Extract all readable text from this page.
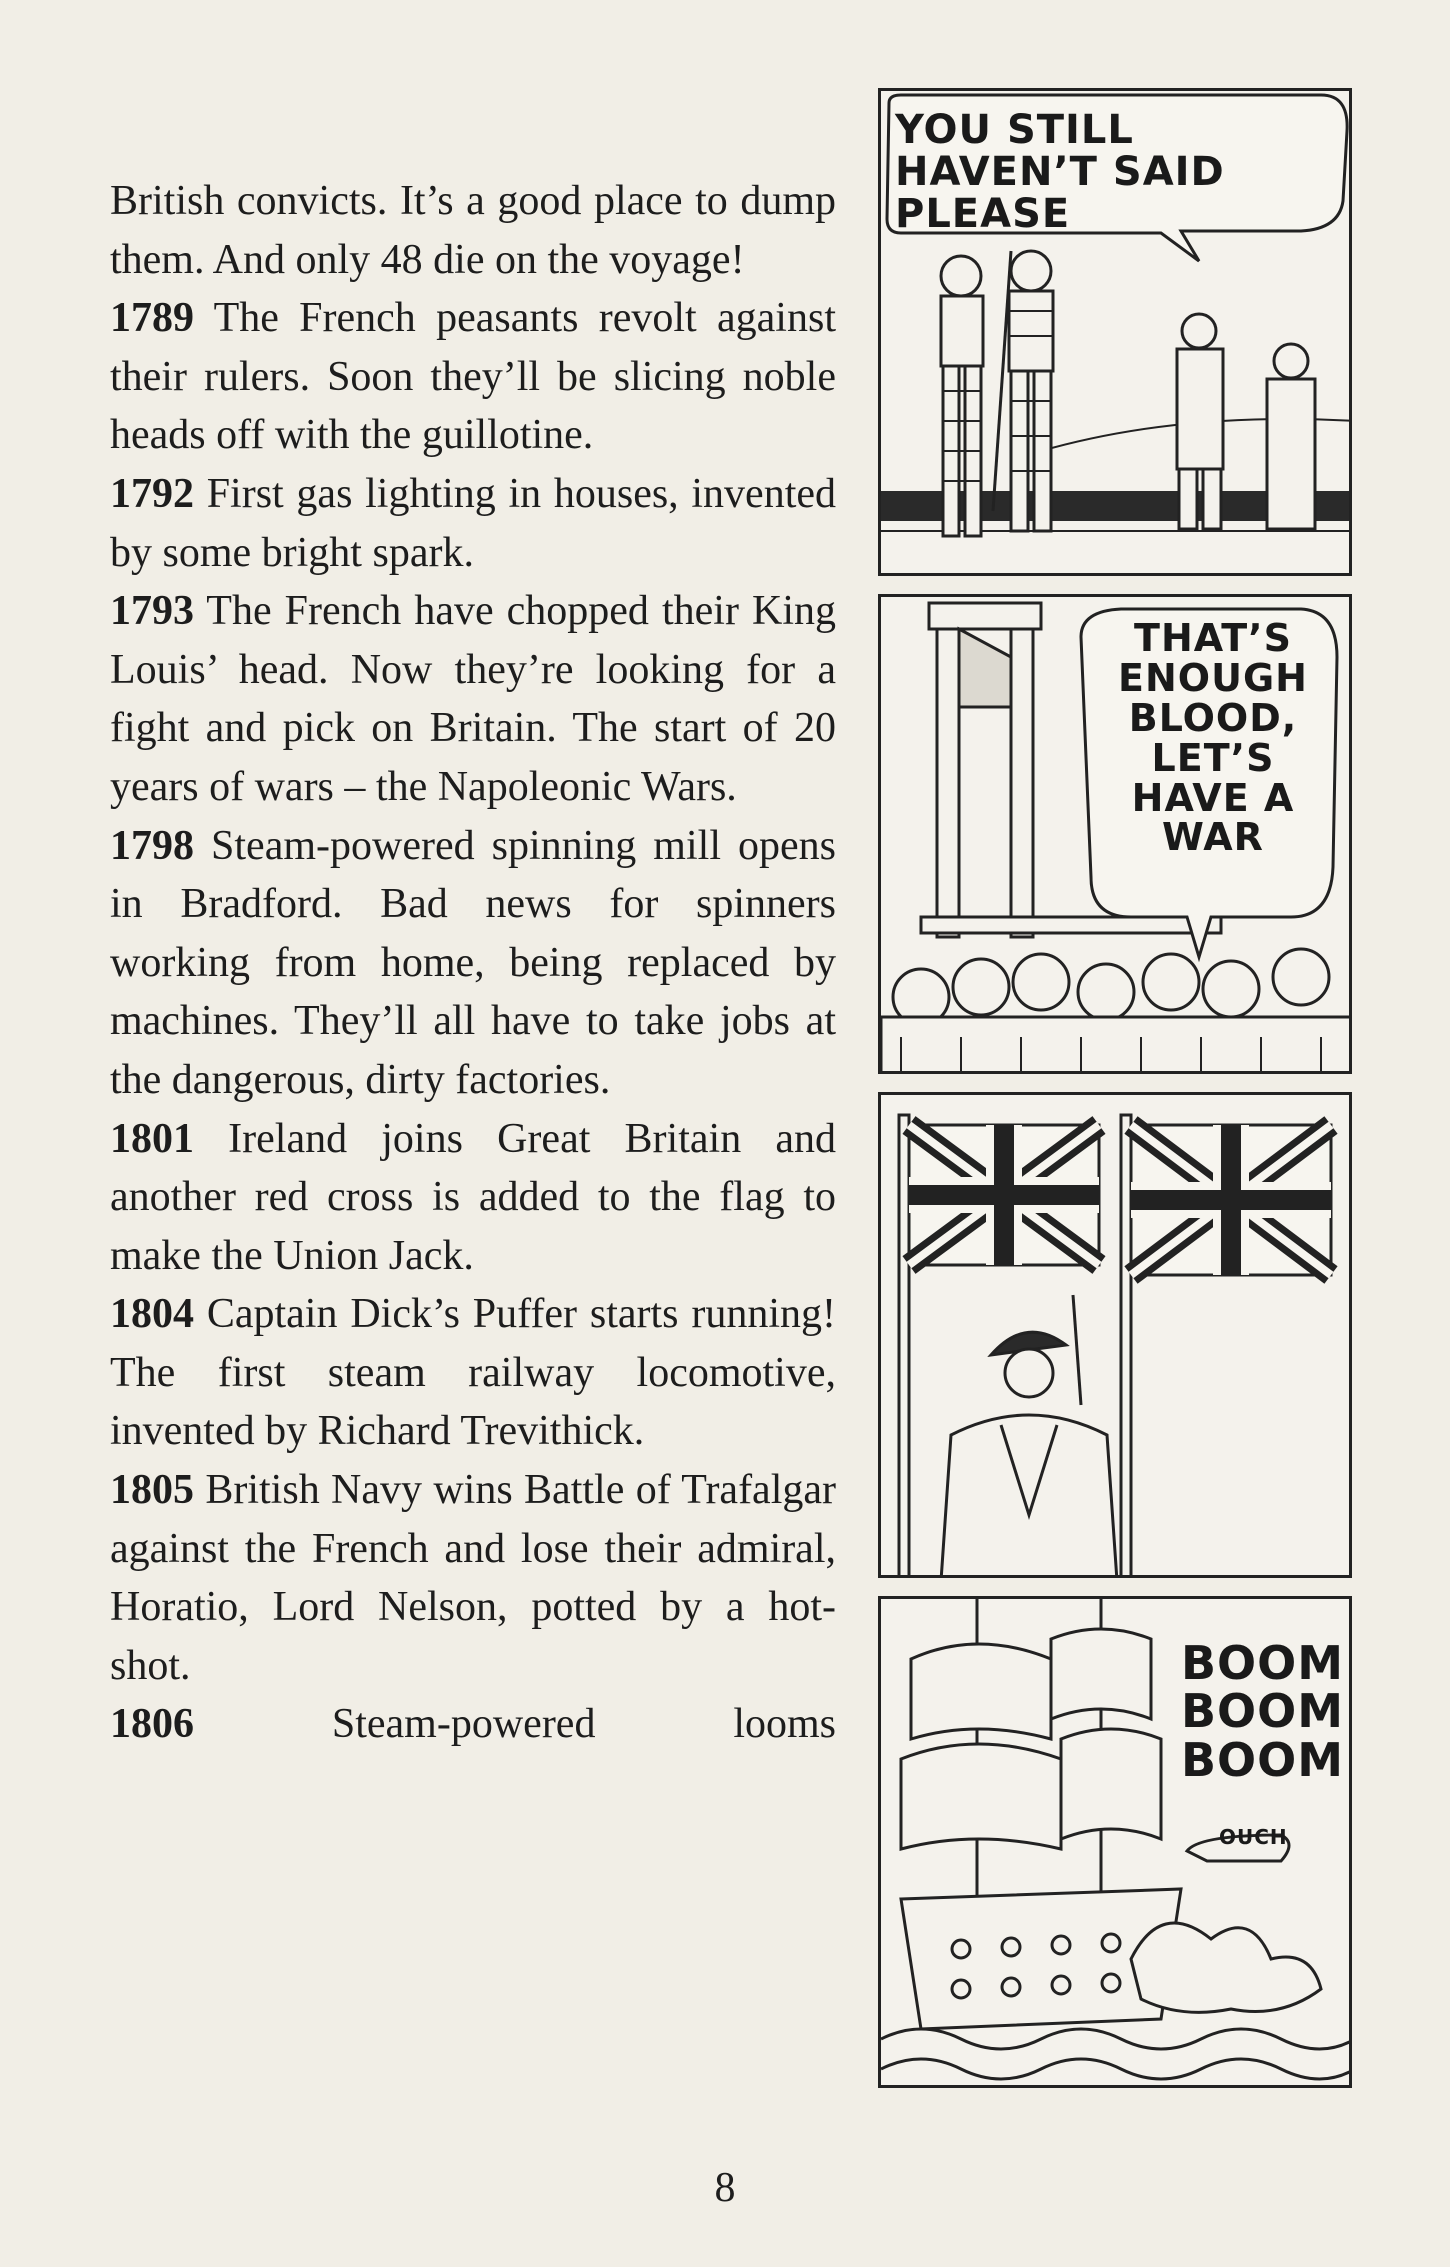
British convicts. It’s a good place to dump them. And only 48 die on the voyage!

1789 The French peasants revolt against their rulers. Soon they’ll be slicing noble heads off with the guillotine.

1792 First gas lighting in houses, invented by some bright spark.

1793 The French have chopped their King Louis’ head. Now they’re looking for a fight and pick on Britain. The start of 20 years of wars – the Napoleonic Wars.

1798 Steam-powered spinning mill opens in Bradford. Bad news for spinners working from home, being replaced by machines. They’ll all have to take jobs at the dangerous, dirty factories.

1801 Ireland joins Great Britain and another red cross is added to the flag to make the Union Jack.

1804 Captain Dick’s Puffer starts running! The first steam railway locomotive, invented by Richard Trevithick.

1805 British Navy wins Battle of Trafalgar against the French and lose their admiral, Horatio, Lord Nelson, potted by a hot-shot.

1806 Steam-powered looms

YOU STILL HAVEN’T SAID PLEASE
THAT’S ENOUGH BLOOD, LET’S HAVE A WAR
BOOM BOOM BOOM
OUCH
8
